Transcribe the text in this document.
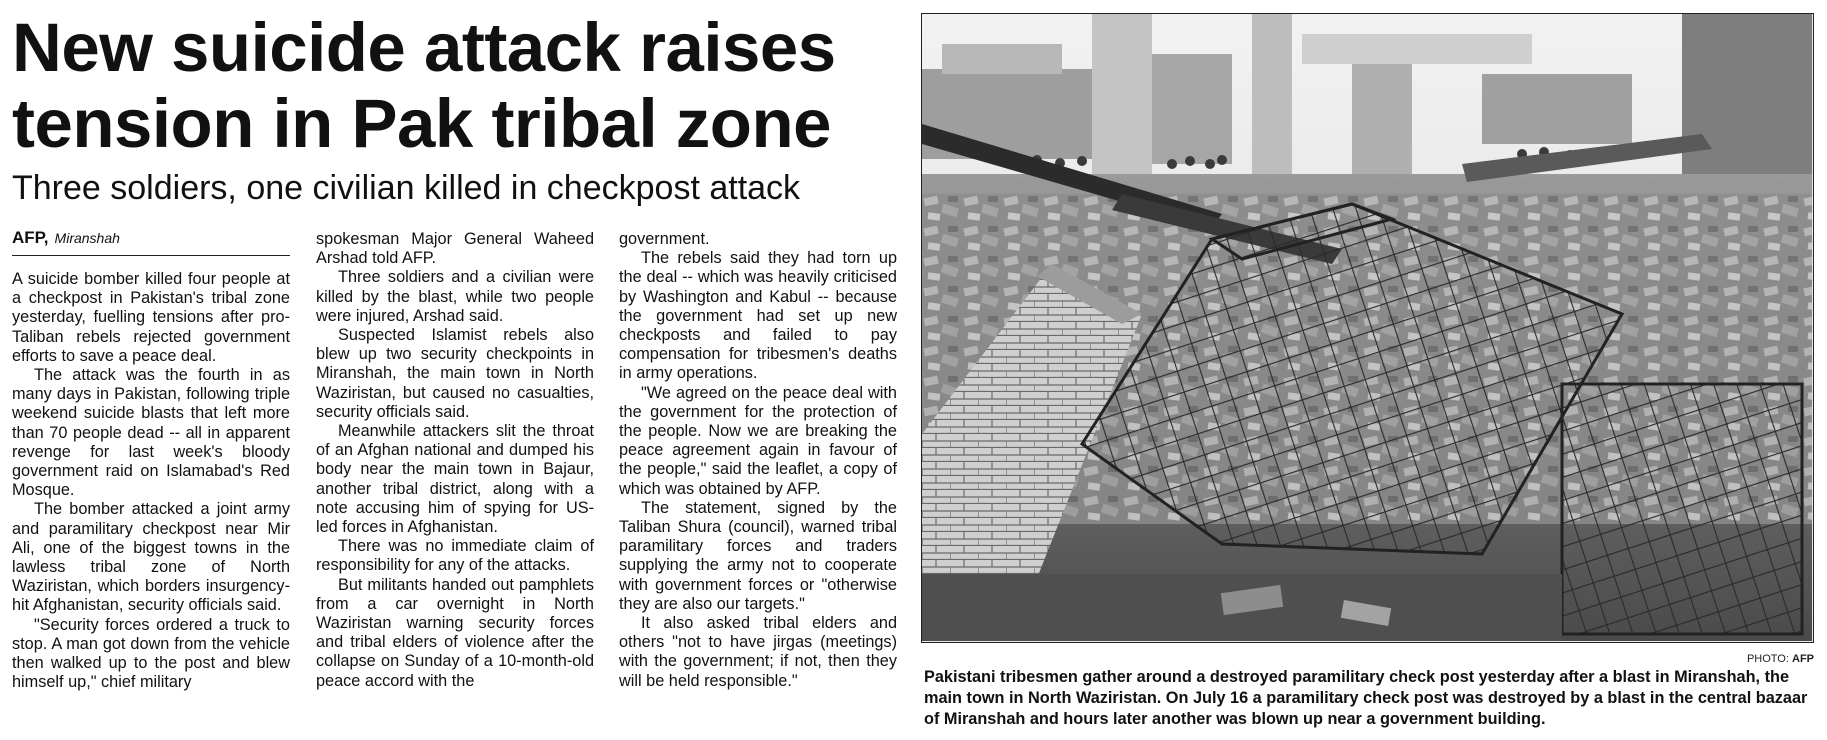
New suicide attack raises tension in Pak tribal zone
Three soldiers, one civilian killed in checkpost attack
AFP, Miranshah

A suicide bomber killed four people at a checkpost in Pakistan's tribal zone yesterday, fuelling tensions after pro-Taliban rebels rejected government efforts to save a peace deal.

The attack was the fourth in as many days in Pakistan, following triple weekend suicide blasts that left more than 70 people dead -- all in apparent revenge for last week's bloody government raid on Islamabad's Red Mosque.

The bomber attacked a joint army and paramilitary checkpost near Mir Ali, one of the biggest towns in the lawless tribal zone of North Waziristan, which borders insurgency-hit Afghanistan, security officials said.

"Security forces ordered a truck to stop. A man got down from the vehicle then walked up to the post and blew himself up," chief military

spokesman Major General Waheed Arshad told AFP.

Three soldiers and a civilian were killed by the blast, while two people were injured, Arshad said.

Suspected Islamist rebels also blew up two security checkpoints in Miranshah, the main town in North Waziristan, but caused no casualties, security officials said.

Meanwhile attackers slit the throat of an Afghan national and dumped his body near the main town in Bajaur, another tribal district, along with a note accusing him of spying for US-led forces in Afghanistan.

There was no immediate claim of responsibility for any of the attacks.

But militants handed out pamphlets from a car overnight in North Waziristan warning security forces and tribal elders of violence after the collapse on Sunday of a 10-month-old peace accord with the

government.

The rebels said they had torn up the deal -- which was heavily criticised by Washington and Kabul -- because the government had set up new checkposts and failed to pay compensation for tribesmen's deaths in army operations.

"We agreed on the peace deal with the government for the protection of the people. Now we are breaking the peace agreement again in favour of the people," said the leaflet, a copy of which was obtained by AFP.

The statement, signed by the Taliban Shura (council), warned tribal paramilitary forces and traders supplying the army not to cooperate with government forces or "otherwise they are also our targets."

It also asked tribal elders and others "not to have jirgas (meetings) with the government; if not, then they will be held responsible."

PHOTO: AFP

Pakistani tribesmen gather around a destroyed paramilitary check post yesterday after a blast in Miranshah, the main town in North Waziristan. On July 16 a paramilitary check post was destroyed by a blast in the central bazaar of Miranshah and hours later another was blown up near a government building.
